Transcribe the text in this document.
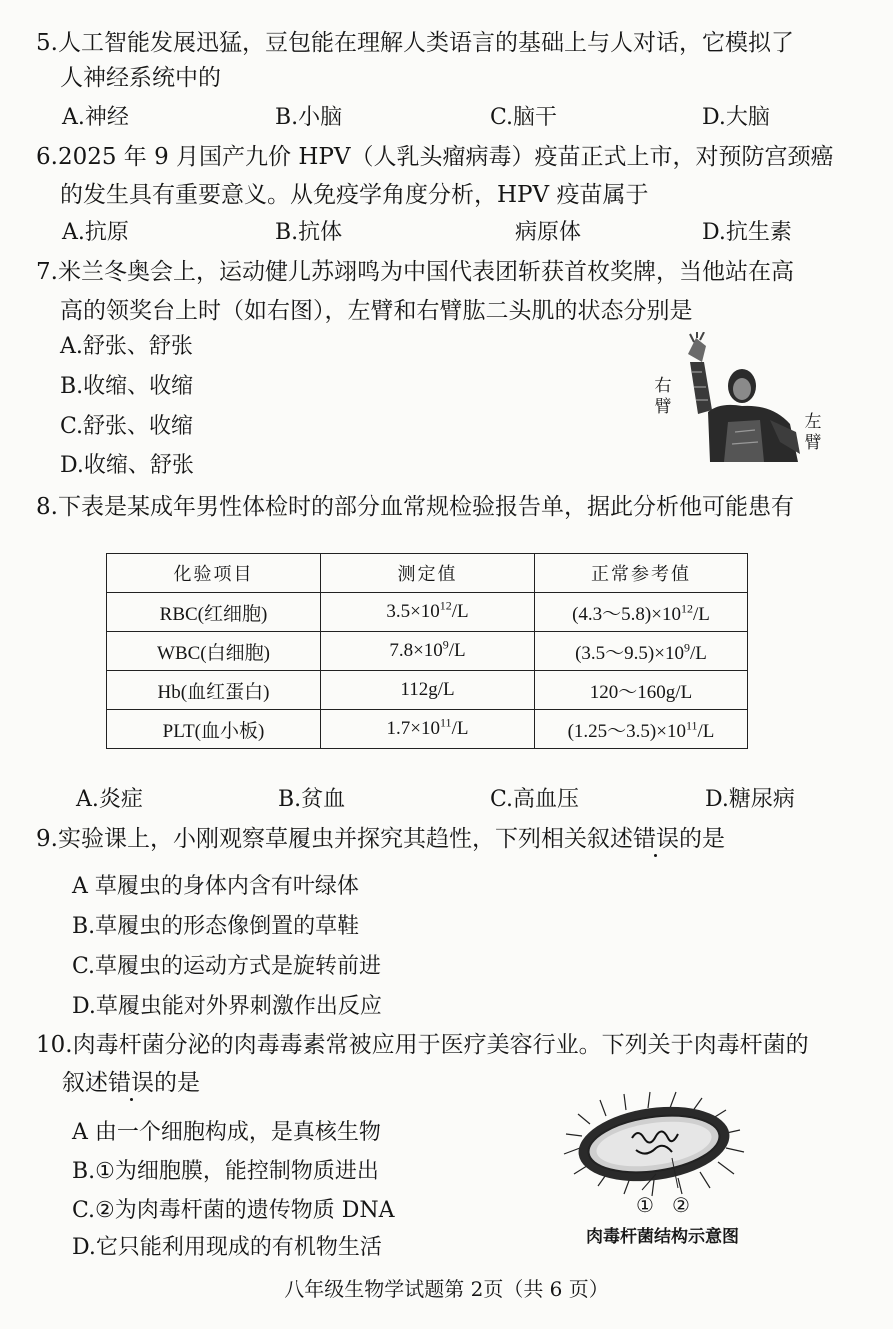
5.人工智能发展迅猛，豆包能在理解人类语言的基础上与人对话，它模拟了
人神经系统中的
A.神经	B.小脑	C.脑干	D.大脑
6.2025 年 9 月国产九价 HPV（人乳头瘤病毒）疫苗正式上市，对预防宫颈癌
的发生具有重要意义。从免疫学角度分析，HPV 疫苗属于
A.抗原	B.抗体	病原体	D.抗生素
7.米兰冬奥会上，运动健儿苏翊鸣为中国代表团斩获首枚奖牌，当他站在高
高的领奖台上时（如右图），左臂和右臂肱二头肌的状态分别是
A.舒张、舒张
B.收缩、收缩
C.舒张、收缩
D.收缩、舒张
右臂
左臂
8.下表是某成年男性体检时的部分血常规检验报告单，据此分析他可能患有
化验项目	测定值	正常参考值
RBC(红细胞)	$3.5\times 10^{12}/L$	$(4.3\sim 5.8)\times 10^{12}/L$
WBC(白细胞)	$7.8\times 10^9/L$	$(3.5\sim 9.5)\times 10^9/L$
Hb(血红蛋白)	112g/L	120～160g/L
PLT(血小板)	$1.7\times 10^{11}/L$	$(1.25\sim 3.5)\times 10^{11}/L$
A.炎症	B.贫血	C.高血压	D.糖尿病
9.实验课上，小刚观察草履虫并探究其趋性，下列相关叙述错误的是
A 草履虫的身体内含有叶绿体
B.草履虫的形态像倒置的草鞋
C.草履虫的运动方式是旋转前进
D.草履虫能对外界刺激作出反应
10.肉毒杆菌分泌的肉毒毒素常被应用于医疗美容行业。下列关于肉毒杆菌的
叙述错误的是
A 由一个细胞构成，是真核生物
B.①为细胞膜，能控制物质进出
C.②为肉毒杆菌的遗传物质 DNA
D.它只能利用现成的有机物生活
① ②
肉毒杆菌结构示意图
八年级生物学试题第 2页（共 6 页）
